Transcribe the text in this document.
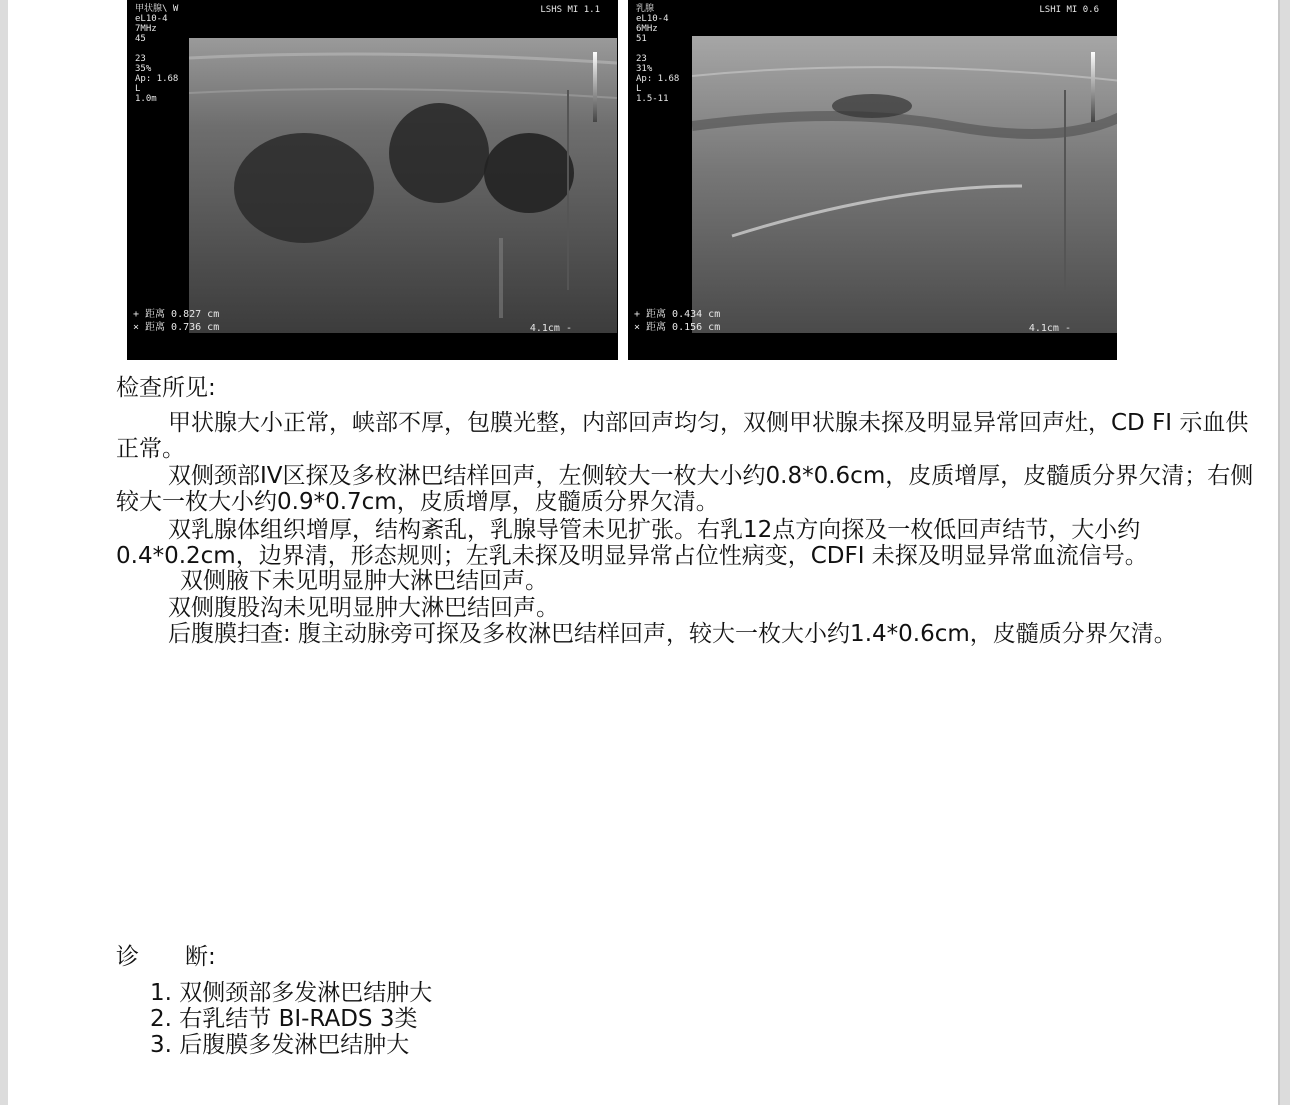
甲状腺\ W
eL10-4
7MHz
45

23
35%
Ap: 1.68
L
1.0m
LSHS MI 1.1
+ 距离 0.827 cm
× 距离 0.736 cm	4.1cm -
乳腺
eL10-4
6MHz
51

23
31%
Ap: 1.68
L
1.5-11
LSHI MI 0.6
+ 距离 0.434 cm
× 距离 0.156 cm	4.1cm -
检查所见:
甲状腺大小正常，峡部不厚，包膜光整，内部回声均匀，双侧甲状腺未探及明显异常回声灶，CD FI 示血供正常。
双侧颈部IV区探及多枚淋巴结样回声，左侧较大一枚大小约0.8*0.6cm，皮质增厚，皮髓质分界欠清；右侧较大一枚大小约0.9*0.7cm，皮质增厚，皮髓质分界欠清。
双乳腺体组织增厚，结构紊乱，乳腺导管未见扩张。右乳12点方向探及一枚低回声结节，大小约0.4*0.2cm，边界清，形态规则；左乳未探及明显异常占位性病变，CDFI 未探及明显异常血流信号。
双侧腋下未见明显肿大淋巴结回声。
双侧腹股沟未见明显肿大淋巴结回声。
后腹膜扫查: 腹主动脉旁可探及多枚淋巴结样回声，较大一枚大小约1.4*0.6cm，皮髓质分界欠清。
诊　　断:
1. 双侧颈部多发淋巴结肿大
2. 右乳结节 BI-RADS 3类
3. 后腹膜多发淋巴结肿大
